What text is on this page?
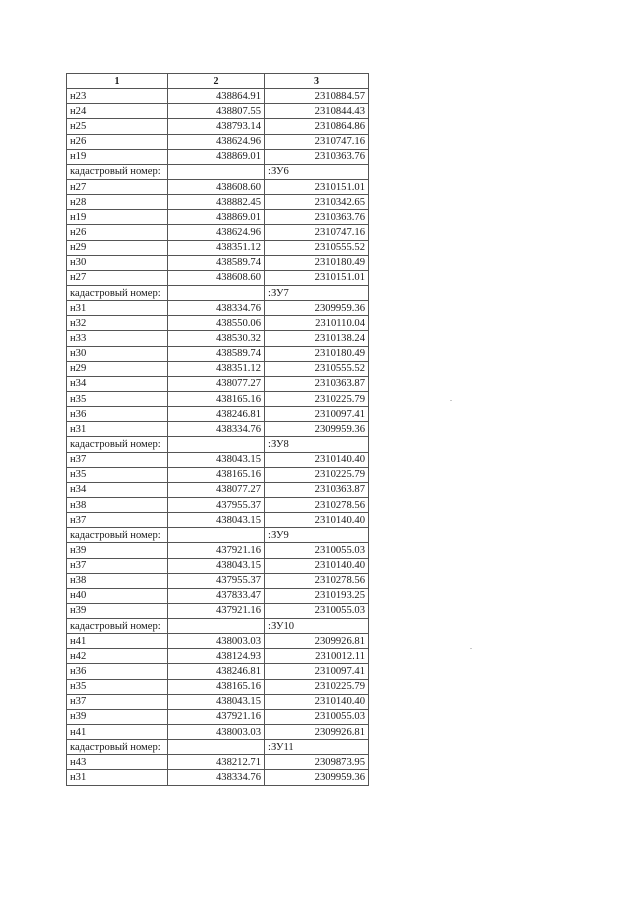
1	2	3
н23	438864.91	2310884.57
н24	438807.55	2310844.43
н25	438793.14	2310864.86
н26	438624.96	2310747.16
н19	438869.01	2310363.76
кадастровый номер:		:ЗУ6
н27	438608.60	2310151.01
н28	438882.45	2310342.65
н19	438869.01	2310363.76
н26	438624.96	2310747.16
н29	438351.12	2310555.52
н30	438589.74	2310180.49
н27	438608.60	2310151.01
кадастровый номер:		:ЗУ7
н31	438334.76	2309959.36
н32	438550.06	2310110.04
н33	438530.32	2310138.24
н30	438589.74	2310180.49
н29	438351.12	2310555.52
н34	438077.27	2310363.87
н35	438165.16	2310225.79
н36	438246.81	2310097.41
н31	438334.76	2309959.36
кадастровый номер:		:ЗУ8
н37	438043.15	2310140.40
н35	438165.16	2310225.79
н34	438077.27	2310363.87
н38	437955.37	2310278.56
н37	438043.15	2310140.40
кадастровый номер:		:ЗУ9
н39	437921.16	2310055.03
н37	438043.15	2310140.40
н38	437955.37	2310278.56
н40	437833.47	2310193.25
н39	437921.16	2310055.03
кадастровый номер:		:ЗУ10
н41	438003.03	2309926.81
н42	438124.93	2310012.11
н36	438246.81	2310097.41
н35	438165.16	2310225.79
н37	438043.15	2310140.40
н39	437921.16	2310055.03
н41	438003.03	2309926.81
кадастровый номер:		:ЗУ11
н43	438212.71	2309873.95
н31	438334.76	2309959.36
